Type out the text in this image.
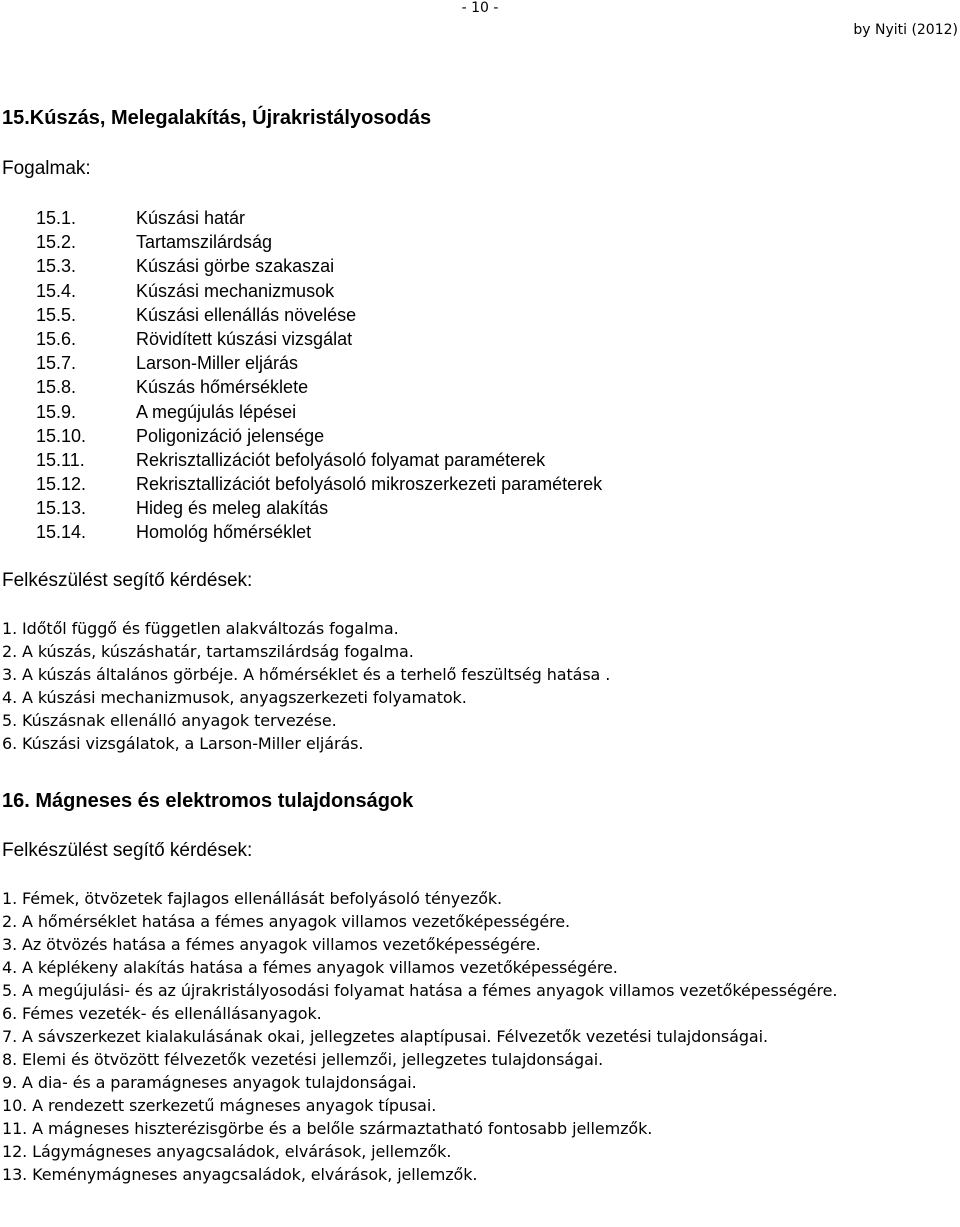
- 10 -
by Nyiti (2012)
15.Kúszás, Melegalakítás, Újrakristályosodás
Fogalmak:
15.1.	Kúszási határ
15.2.	Tartamszilárdság
15.3.	Kúszási görbe szakaszai
15.4.	Kúszási mechanizmusok
15.5.	Kúszási ellenállás növelése
15.6.	Rövidített kúszási vizsgálat
15.7.	Larson-Miller eljárás
15.8.	Kúszás hőmérséklete
15.9.	A megújulás lépései
15.10.	Poligonizáció jelensége
15.11.	Rekrisztallizációt befolyásoló folyamat paraméterek
15.12.	Rekrisztallizációt befolyásoló mikroszerkezeti paraméterek
15.13.	Hideg és meleg alakítás
15.14.	Homológ hőmérséklet
Felkészülést segítő kérdések:
1. Időtől függő és független alakváltozás fogalma.
2. A kúszás, kúszáshatár, tartamszilárdság fogalma.
3. A kúszás általános görbéje. A hőmérséklet és a terhelő feszültség hatása .
4. A kúszási mechanizmusok, anyagszerkezeti folyamatok.
5. Kúszásnak ellenálló anyagok tervezése.
6. Kúszási vizsgálatok, a Larson-Miller eljárás.
16. Mágneses és elektromos tulajdonságok
Felkészülést segítő kérdések:
1. Fémek, ötvözetek fajlagos ellenállását befolyásoló tényezők.
2. A hőmérséklet hatása a fémes anyagok villamos vezetőképességére.
3. Az ötvözés hatása a fémes anyagok villamos vezetőképességére.
4. A képlékeny alakítás hatása a fémes anyagok villamos vezetőképességére.
5. A megújulási- és az újrakristályosodási folyamat hatása a fémes anyagok villamos vezetőképességére.
6. Fémes vezeték- és ellenállásanyagok.
7. A sávszerkezet kialakulásának okai, jellegzetes alaptípusai. Félvezetők vezetési tulajdonságai.
8. Elemi és ötvözött félvezetők vezetési jellemzői, jellegzetes tulajdonságai.
9. A dia- és a paramágneses anyagok tulajdonságai.
10. A rendezett szerkezetű mágneses anyagok típusai.
11. A mágneses hiszterézisgörbe és a belőle származtatható fontosabb jellemzők.
12. Lágymágneses anyagcsaládok, elvárások, jellemzők.
13. Keménymágneses anyagcsaládok, elvárások, jellemzők.
